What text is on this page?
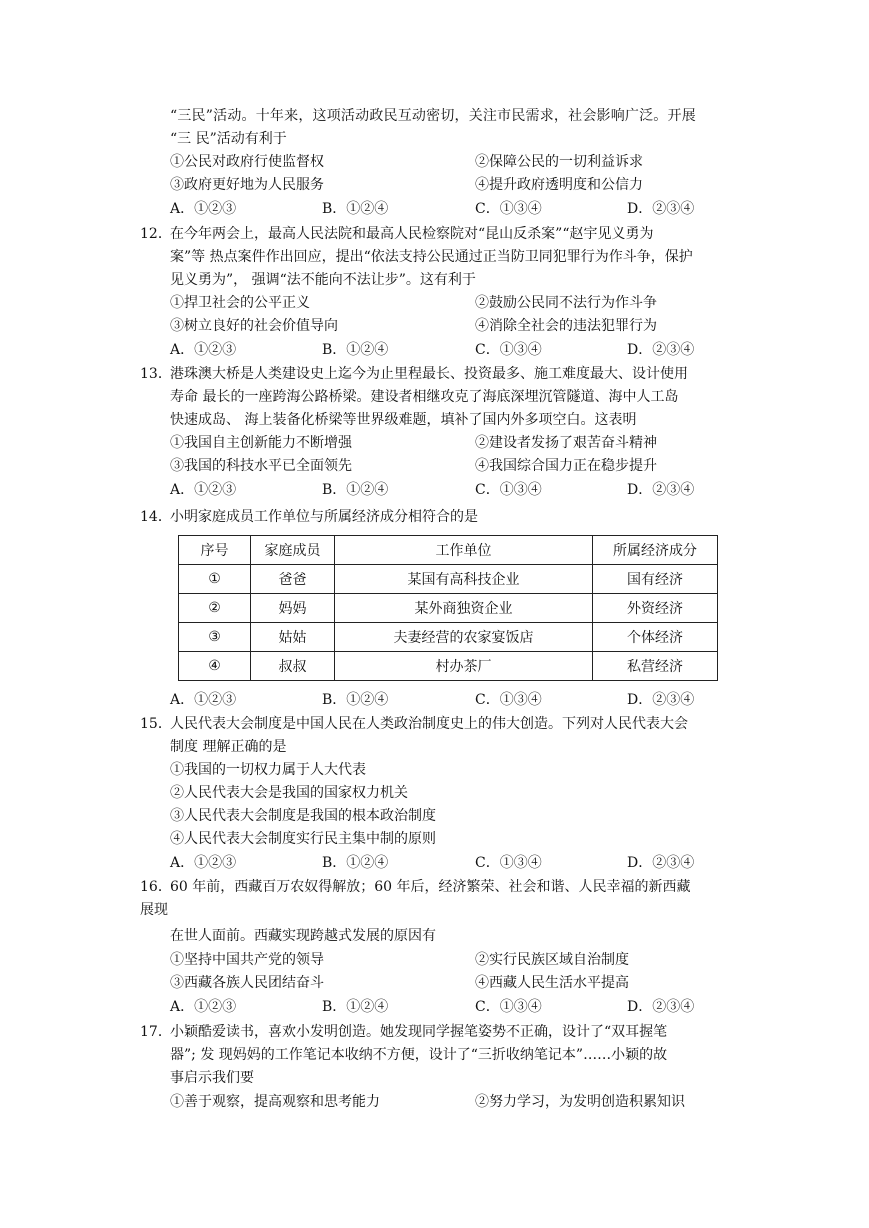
“三民”活动。十年来，这项活动政民互动密切，关注市民需求，社会影响广泛。开展
“三 民”活动有利于
①公民对政府行使监督权	②保障公民的一切利益诉求
③政府更好地为人民服务	④提升政府透明度和公信力
A．①②③	B．①②④	C．①③④	D．②③④
12．
在今年两会上，最高人民法院和最高人民检察院对“昆山反杀案”“赵宇见义勇为
案”等 热点案件作出回应，提出“依法支持公民通过正当防卫同犯罪行为作斗争，保护
见义勇为”， 强调“法不能向不法让步”。这有利于
①捍卫社会的公平正义	②鼓励公民同不法行为作斗争
③树立良好的社会价值导向	④消除全社会的违法犯罪行为
A．①②③	B．①②④	C．①③④	D．②③④
13．
港珠澳大桥是人类建设史上迄今为止里程最长、投资最多、施工难度最大、设计使用
寿命 最长的一座跨海公路桥梁。建设者相继攻克了海底深埋沉管隧道、海中人工岛
快速成岛、 海上装备化桥梁等世界级难题，填补了国内外多项空白。这表明
①我国自主创新能力不断增强	②建设者发扬了艰苦奋斗精神
③我国的科技水平已全面领先	④我国综合国力正在稳步提升
A．①②③	B．①②④	C．①③④	D．②③④
14．
小明家庭成员工作单位与所属经济成分相符合的是
序号	家庭成员	工作单位	所属经济成分
①	爸爸	某国有高科技企业	国有经济
②	妈妈	某外商独资企业	外资经济
③	姑姑	夫妻经营的农家宴饭店	个体经济
④	叔叔	村办茶厂	私营经济
A．①②③	B．①②④	C．①③④	D．②③④
15．
人民代表大会制度是中国人民在人类政治制度史上的伟大创造。下列对人民代表大会
制度 理解正确的是
①我国的一切权力属于人大代表
②人民代表大会是我国的国家权力机关
③人民代表大会制度是我国的根本政治制度
④人民代表大会制度实行民主集中制的原则
A．①②③	B．①②④	C．①③④	D．②③④
16．
60 年前，西藏百万农奴得解放；60 年后，经济繁荣、社会和谐、人民幸福的新西藏
展现
在世人面前。西藏实现跨越式发展的原因有
①坚持中国共产党的领导	②实行民族区域自治制度
③西藏各族人民团结奋斗	④西藏人民生活水平提高
A．①②③	B．①②④	C．①③④	D．②③④
17．
小颖酷爱读书，喜欢小发明创造。她发现同学握笔姿势不正确，设计了“双耳握笔
器”; 发 现妈妈的工作笔记本收纳不方便，设计了“三折收纳笔记本”……小颖的故
事启示我们要
①善于观察，提高观察和思考能力	②努力学习，为发明创造积累知识
